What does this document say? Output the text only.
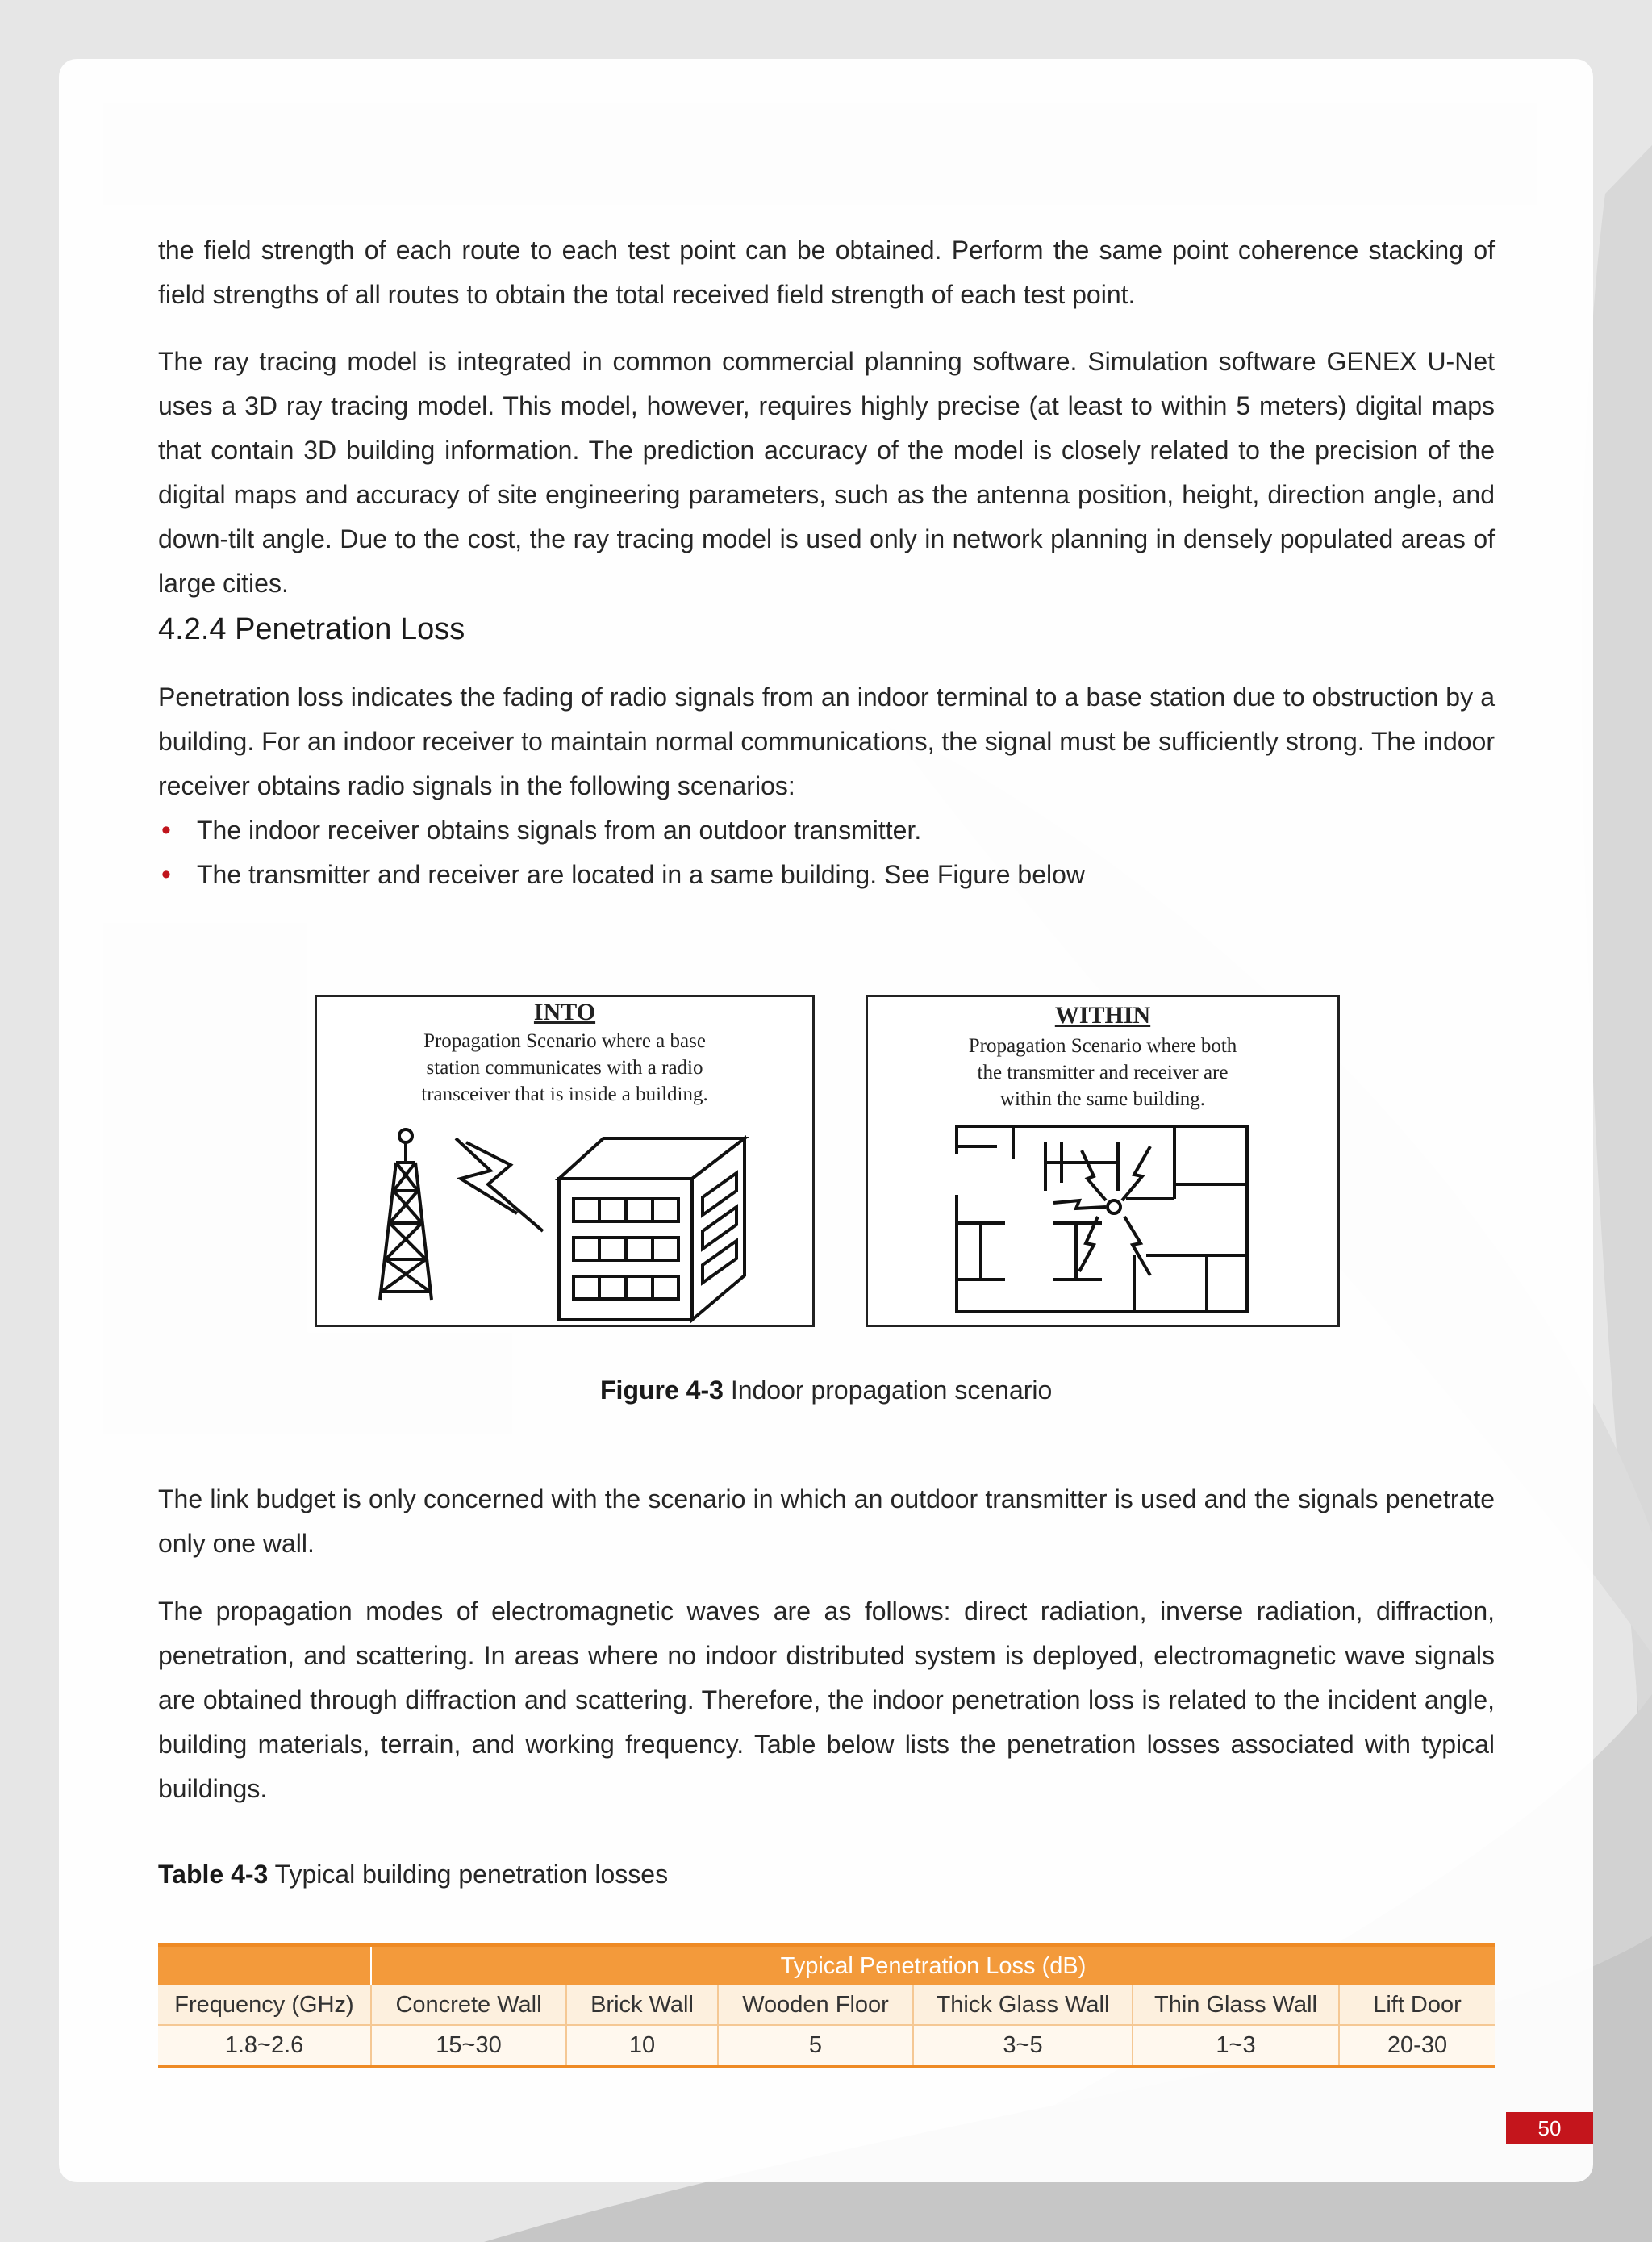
the field strength of each route to each test point can be obtained. Perform the same point coherence stacking of field strengths of all routes to obtain the total received field strength of each test point.

The ray tracing model is integrated in common commercial planning software. Simulation software GENEX U-Net uses a 3D ray tracing model. This model, however, requires highly precise (at least to within 5 meters) digital maps that contain 3D building information. The prediction accuracy of the model is closely related to the precision of the digital maps and accuracy of site engineering parameters, such as the antenna position, height, direction angle, and down-tilt angle. Due to the cost, the ray tracing model is used only in network planning in densely populated areas of large cities.

4.2.4 Penetration Loss

Penetration loss indicates the fading of radio signals from an indoor terminal to a base station due to obstruction by a building. For an indoor receiver to maintain normal communications, the signal must be sufficiently strong. The indoor receiver obtains radio signals in the following scenarios:

• The indoor receiver obtains signals from an outdoor transmitter.
• The transmitter and receiver are located in a same building. See Figure below
INTO
Propagation Scenario where a base
station communicates with a radio
transceiver that is inside a building.
WITHIN
Propagation Scenario where both
the transmitter and receiver are
within the same building.
Figure 4-3 Indoor propagation scenario

The link budget is only concerned with the scenario in which an outdoor transmitter is used and the signals penetrate only one wall.

The propagation modes of electromagnetic waves are as follows: direct radiation, inverse radiation, diffraction, penetration, and scattering. In areas where no indoor distributed system is deployed, electromagnetic wave signals are obtained through diffraction and scattering. Therefore, the indoor penetration loss is related to the incident angle, building materials, terrain, and working frequency. Table below lists the penetration losses associated with typical buildings.

Table 4-3 Typical building penetration losses
	Typical Penetration Loss (dB)					
Frequency (GHz)	Concrete Wall	Brick Wall	Wooden Floor	Thick Glass Wall	Thin Glass Wall	Lift Door
1.8~2.6	15~30	10	5	3~5	1~3	20-30
50
